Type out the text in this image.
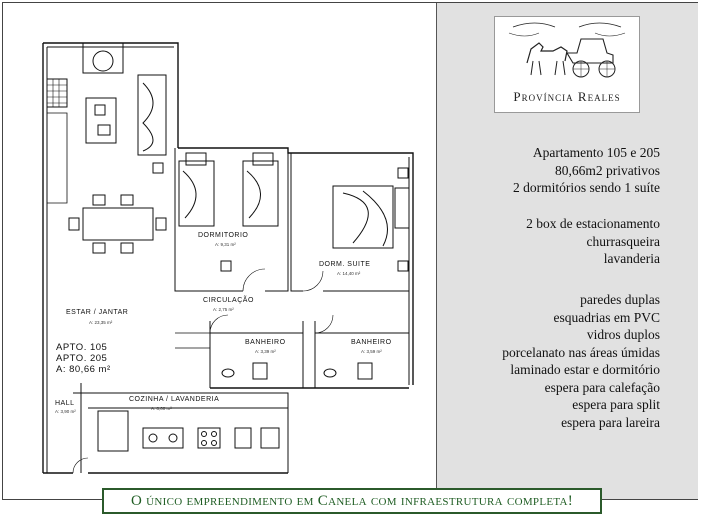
DORMITORIO
A: 9,31 m²
DORM. SUITE
A: 14,40 m²
CIRCULAÇÃO
A: 2,75 m²
ESTAR / JANTAR
A: 23,35 m²
BANHEIRO
A: 3,39 m²
BANHEIRO
A: 3,59 m²
HALL
A: 3,90 m²
COZINHA / LAVANDERIA
A: 8,00 m²
APTO. 105
APTO. 205
A: 80,66 m²
Província Reales
Apartamento 105 e 205
80,66m2 privativos
2 dormitórios sendo 1 suíte
2 box de estacionamento
churrasqueira
lavanderia
paredes duplas
esquadrias em PVC
vidros duplos
porcelanato nas áreas úmidas
laminado estar e dormitório
espera para calefação
espera para split
espera para lareira
O único empreendimento em Canela com infraestrutura completa!
